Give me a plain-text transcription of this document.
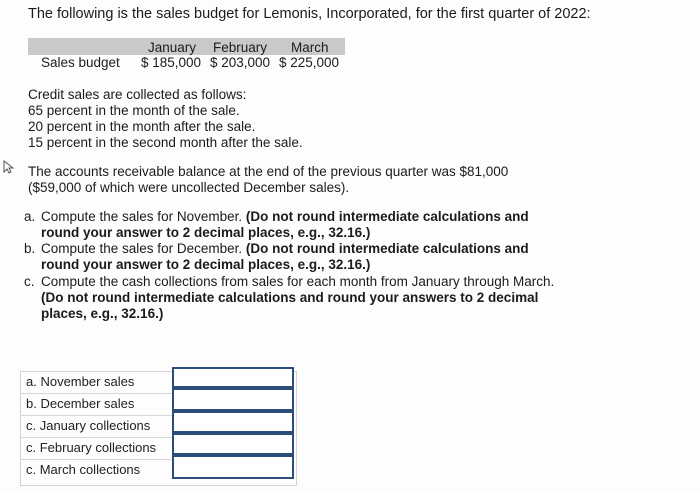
The following is the sales budget for Lemonis, Incorporated, for the first quarter of 2022:
January February March
Sales budget $ 185,000 $ 203,000 $ 225,000
Credit sales are collected as follows:
65 percent in the month of the sale.
20 percent in the month after the sale.
15 percent in the second month after the sale.
The accounts receivable balance at the end of the previous quarter was $81,000
($59,000 of which were uncollected December sales).
a. Compute the sales for November. (Do not round intermediate calculations and
round your answer to 2 decimal places, e.g., 32.16.)
b. Compute the sales for December. (Do not round intermediate calculations and
round your answer to 2 decimal places, e.g., 32.16.)
c. Compute the cash collections from sales for each month from January through March.
(Do not round intermediate calculations and round your answers to 2 decimal
places, e.g., 32.16.)
a. November sales
b. December sales
c. January collections
c. February collections
c. March collections
